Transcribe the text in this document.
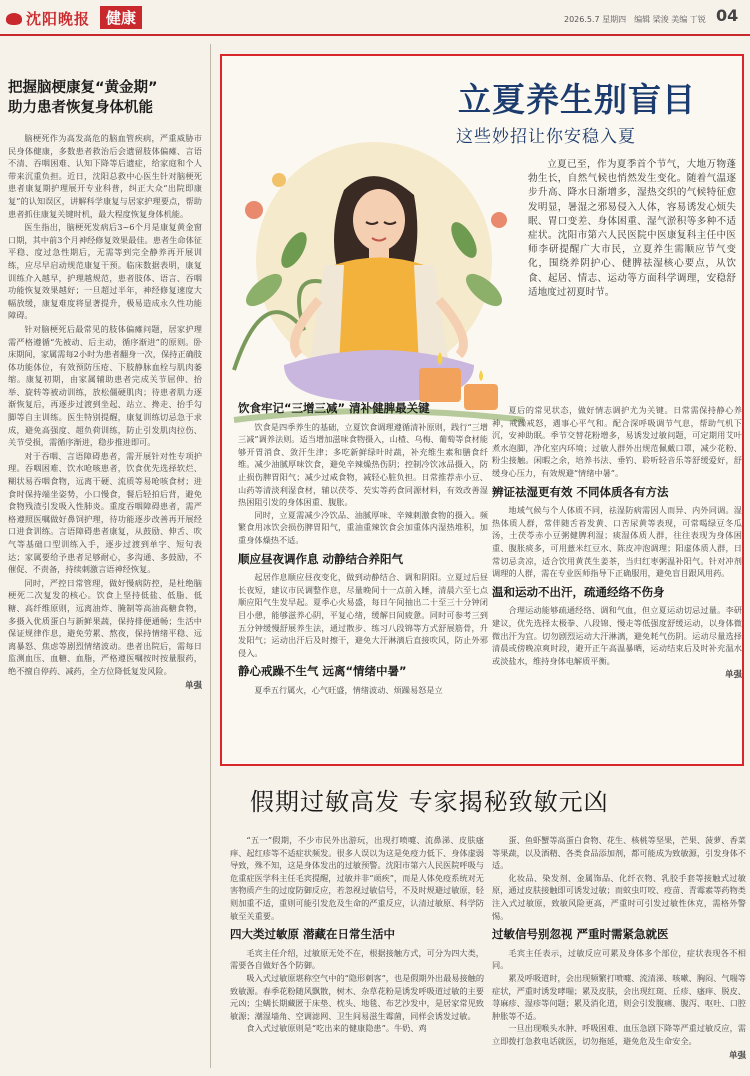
沈阳晚报	健康	2026.5.7 星期四　 编辑 梁浚 美编 丁锐 04
把握脑梗康复“黄金期”
助力患者恢复身体机能

脑梗死作为高发高危的脑血管疾病，严重威胁市民身体健康，多数患者救治后会遗留肢体偏瘫、言语不清、吞咽困难、认知下降等后遗症，给家庭和个人带来沉重负担。近日，沈阳总救中心医生针对脑梗死患者康复期护理展开专业科普，纠正大众“出院即康复”的认知误区，讲解科学康复与居家护理要点，帮助患者抓住康复关键时机，最大程度恢复身体机能。

医生指出，脑梗死发病后3~6个月是康复黄金窗口期，其中前3个月神经修复效果最佳。患者生命体征平稳、度过急性期后，无需等到完全静养再开展训练，应尽早启动规范康复干预。临床数据表明，康复训练介入越早，护理越规范，患者肢体、语言、吞咽功能恢复效果越好；一旦超过半年，神经修复速度大幅放缓，康复难度将显著提升，极易造成永久性功能障碍。

针对脑梗死后最常见的肢体偏瘫问题，居家护理需严格遵循“先被动、后主动，循序渐进”的原则。卧床期间，家属需每2小时为患者翻身一次，保持正确肢体功能体位，有效预防压疮、下肢静脉血栓与肌肉萎缩。康复初期，由家属辅助患者完成关节屈伸、抬举、旋转等被动训练，放松僵硬肌肉；待患者肌力逐渐恢复后，再逐步过渡到坐起、站立、搀走、抬手勾脚等自主训练。医生特别提醒，康复训练切忌急于求成，避免高强度、超负荷训练，防止引发肌肉拉伤、关节受损，需循序渐进，稳步推进即可。

对于吞咽、言语障碍患者，需开展针对性专项护理。吞咽困难、饮水呛咳患者，饮食优先选择软烂、糊状易吞咽食物，远离干硬、流质等易呛咳食材；进食时保持端坐姿势，小口慢食，餐后轻拍后背，避免食物残渣引发吸入性肺炎。重度吞咽障碍患者，需严格遵照医嘱做好鼻饲护理，待功能逐步改善再开展经口进食训练。言语障碍患者康复，从鼓励、伸舌、吹气等基础口型训练入手，逐步过渡到单字、短句表达；家属要给予患者足够耐心，多沟通、多鼓励，不催促、不责备，持续刺激言语神经恢复。

同时，严控日常管理，做好慢病防控，是杜绝脑梗死二次复发的核心。饮食上坚持低盐、低脂、低糖、高纤维原则，远离油炸、腌制等高油高糖食物，多摄入优质蛋白与新鲜果蔬，保持排便通畅；生活中保证规律作息，避免劳累、熬夜，保持情绪平稳、远离暴怒、焦虑等剧烈情绪波动。患者出院后，需每日监测血压、血糖、血脂，严格遵医嘱按时按量服药，绝不擅自停药、减药，全方位降低复发风险。

单强
立夏养生别盲目
这些妙招让你安稳入夏

立夏已至，作为夏季首个节气，大地万物蓬勃生长，自然气候也悄然发生变化。随着气温逐步升高、降水日渐增多，湿热交织的气候特征愈发明显，暑湿之邪易侵入人体，容易诱发心烦失眠、胃口变差、身体困重、湿气淤积等多种不适症状。沈阳市第六人民医院中医康复科主任中医师李研提醒广大市民，立夏养生需顺应节气变化，围绕养阴护心、健脾祛湿核心要点，从饮食、起居、情志、运动等方面科学调理，安稳舒适地度过初夏时节。

饮食牢记“三增三减” 清补健脾最关键

饮食是四季养生的基础，立夏饮食调理遵循清补原则，践行“三增三减”调养法则。适当增加滋味食物摄入，山楂、乌梅、葡萄等食材能够开胃消食、敛汗生津；多吃新鲜绿叶时蔬，补充维生素和膳食纤维。减少油腻厚味饮食，避免辛辣燥热伤阴；控制冷饮冰品摄入，防止损伤脾胃阳气；减少过咸食物，减轻心脏负担。日常推荐赤小豆、山药等清淡利湿食材，辅以茯苓、芡实等药食同源材料，有效改善湿热困阻引发的身体困重、腹胀。

同时，立夏需减少冷饮品、油腻厚味、辛辣刺激食物的摄入。频繁食用冰饮会损伤脾胃阳气，重油重辣饮食会加重体内湿热堆积，加重身体燥热不适。

顺应昼夜调作息 动静结合养阳气

起居作息顺应昼夜变化，做到动静结合、调和阴阳。立夏过后昼长夜短，建议市民调整作息，尽量晚间十一点前入睡，清晨六至七点顺应阳气生发早起。夏季心火易盛，每日午间抽出二十至三十分钟闭目小憩，能够滋养心阴，平复心绪，缓解日间疲惫。同时可参考三到五分钟缓慢舒展养生法，通过散步、练习八段锦等方式舒展筋骨，升发阳气；运动出汗后及时擦干，避免大汗淋漓后直接吹风，防止外邪侵入。

静心戒躁不生气 远离“情绪中暑”

夏季五行属火，心气旺盛，情绪波动、烦躁易怒是立

夏后的常见状态，做好情志调护尤为关键。日常需保持静心养神，戒躁戒怒，遇事心平气和。配合深呼吸调节气息，帮助气机下沉，安神助眠。季节交替花粉增多，易诱发过敏问题，可定期用艾叶煮水泡脚，净化室内环境；过敏人群外出规范佩戴口罩，减少花粉、粉尘接触。闲暇之余，培养书法、垂钓、聆听轻音乐等舒缓爱好，舒缓身心压力，有效规避“情绪中暑”。

辨证祛湿更有效 不同体质各有方法

地域气候与个人体质不同，祛湿防病需因人而异、内外同调。湿热体质人群，常伴随舌苔发黄、口苦尿黄等表现，可常喝绿豆冬瓜汤，土茯苓赤小豆粥健脾利湿；痰湿体质人群，往往表现为身体困重、腹胀痰多，可用薏米红豆水、陈皮冲泡调理；阳虚体质人群，日常切忌贪凉，适合饮用黄芪生姜茶，当归红枣粥温补阳气。针对冲剂调理的人群，需在专业医师指导下正确服用，避免盲目跟风用药。

温和运动不出汗，疏通经络不伤身

合理运动能够疏通经络、调和气血，但立夏运动切忌过量。李研建议，优先选择太极拳、八段锦、慢走等低强度舒缓运动，以身体微微出汗为宜。切勿剧烈运动大汗淋漓，避免耗气伤阴。运动尽量选择清晨或傍晚凉爽时段，避开正午高温暴晒，运动结束后及时补充温水或淡盐水，维持身体电解质平衡。

单强
假期过敏高发 专家揭秘致敏元凶

“五一”假期，不少市民外出游玩，出现打喷嚏、流鼻涕、皮肤瘙痒、起红疹等不适症状频发。很多人误以为这是免疫力低下、身体虚弱导致，殊不知，这是身体发出的过敏预警。沈阳市第六人民医院呼吸与危重症医学科主任毛宾提醒，过敏并非“顽疾”，而是人体免疫系统对无害物质产生的过度防御反应，若忽视过敏信号，不及时规避过敏原，轻则加重不适，重则可能引发危及生命的严重反应，认清过敏原、科学防敏至关重要。

四大类过敏原 潜藏在日常生活中

毛宾主任介绍，过敏原无处不在，根据接触方式，可分为四大类，需要各自做好各个防御。

吸入式过敏原堪称空气中的“隐形刺客”，也是假期外出最易接触的致敏源。春季花粉随风飘散，树木、杂草花粉是诱发呼吸道过敏的主要元凶；尘螨长期藏匿于床垫、枕头、地毯、布艺沙发中，是居家常见致敏源；潮湿墙角、空调滤网、卫生间易滋生霉菌，同样会诱发过敏。

食入式过敏原则是“吃出来的健康隐患”。牛奶、鸡

蛋、鱼虾蟹等高蛋白食物、花生、核桃等坚果，芒果、菠萝、香菜等果蔬，以及酒精、各类食品添加剂，都可能成为致敏源，引发身体不适。

化妆品、染发剂、金属饰品、化纤衣物、乳胶手套等接触式过敏原，通过皮肤接触即可诱发过敏；而蚊虫叮咬、疫苗、青霉素等药物类注入式过敏原，致敏风险更高，严重时可引发过敏性休克，需格外警惕。

过敏信号别忽视 严重时需紧急就医

毛宾主任表示，过敏反应可累及身体多个部位，症状表现各不相同。

累及呼吸道时，会出现频繁打喷嚏、流清涕、咳嗽、胸闷、气喘等症状，严重时诱发哮喘；累及皮肤，会出现红斑、丘疹、瘙痒、脱皮、荨麻疹、湿疹等问题；累及消化道，则会引发腹痛、腹泻、呕吐、口腔肿胀等不适。

一旦出现喉头水肿、呼吸困难、血压急剧下降等严重过敏反应，需立即拨打急救电话就医，切勿拖延，避免危及生命安全。

单强
